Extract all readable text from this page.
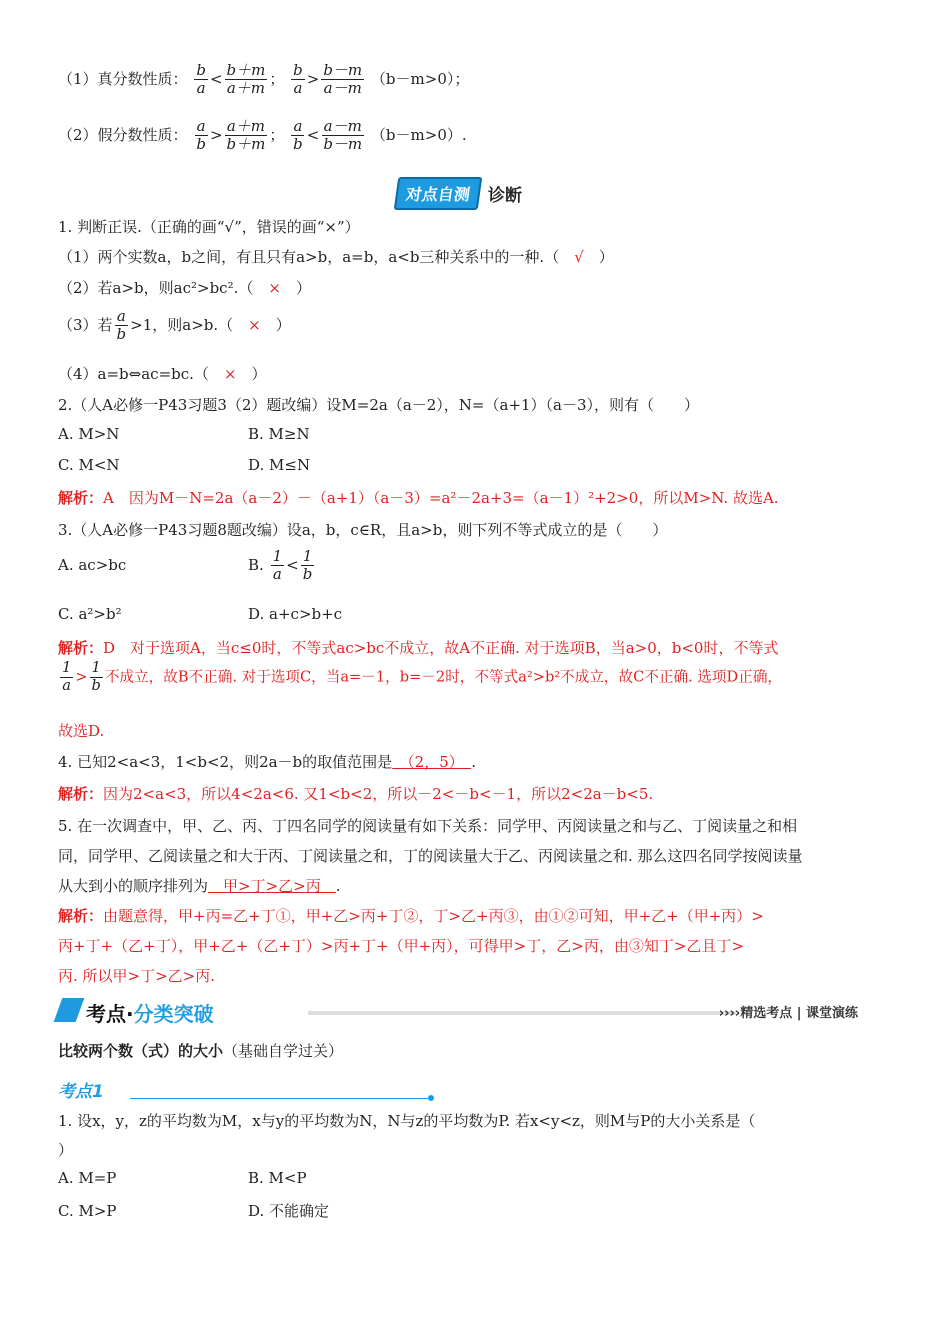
（1）真分数性质： $\frac{b}{a} < \frac{b+m}{a+m}$ ； $\frac{b}{a} > \frac{b-m}{a-m} (b-m>0)$；
（2）假分数性质： $\frac{a}{b} > \frac{a+m}{b+m}$ ； $\frac{a}{b} < \frac{a-m}{b-m} (b-m>0)$.
对点自测 诊断
1. 判断正误.（正确的画“√”，错误的画“×”）
（1）两个实数a，b之间，有且只有a>b，a=b，a<b三种关系中的一种.（　 √　 ）
（2）若a>b，则ac²>bc².（　 ×　 ）
（3）若 $\frac{a}{b} >1$，则a>b.（　 ×　 ）
（4）a=b⇔ac=bc.（　 ×　 ）
2.（人A必修一P43习题3（2）题改编）设M=2a（a－2），N=（a+1）（a－3），则有（　　）
A. M>N	B. M≥N
C. M<N	D. M≤N
解析：A　因为M－N=2a（a－2）－（a+1）（a－3）=a²－2a+3=（a－1）²+2>0，所以M>N. 故选A.
3.（人A必修一P43习题8题改编）设a，b，c∈R，且a>b，则下列不等式成立的是（　　）
A. ac>bc	B. $\frac{1}{a} < \frac{1}{b}$
C. a²>b²	D. a+c>b+c
解析：D　对于选项A，当c≤0时，不等式ac>bc不成立，故A不正确. 对于选项B，当a>0，b<0时，不等式
$\frac{1}{a} > \frac{1}{b}$ 不成立，故B不正确. 对于选项C，当a=－1，b=－2时，不等式a²>b²不成立，故C不正确. 选项D正确，
故选D.
4. 已知2<a<3，1<b<2，则2a－b的取值范围是　（2，5）　.
解析：因为2<a<3，所以4<2a<6. 又1<b<2，所以－2<－b<－1，所以2<2a－b<5.
5. 在一次调查中，甲、乙、丙、丁四名同学的阅读量有如下关系：同学甲、丙阅读量之和与乙、丁阅读量之和相
同，同学甲、乙阅读量之和大于丙、丁阅读量之和，丁的阅读量大于乙、丙阅读量之和. 那么这四名同学按阅读量
从大到小的顺序排列为　甲>丁>乙>丙　.
解析：由题意得，甲+丙=乙+丁①，甲+乙>丙+丁②，丁>乙+丙③，由①②可知，甲+乙+（甲+丙）>
丙+丁+（乙+丁），甲+乙+（乙+丁）>丙+丁+（甲+丙），可得甲>丁，乙>丙，由③知丁>乙且丁>
丙. 所以甲>丁>乙>丙.
考点·分类突破	››››精选考点 | 课堂演练
比较两个数（式）的大小（基础自学过关）
考点1
1. 设x，y，z的平均数为M，x与y的平均数为N，N与z的平均数为P. 若x<y<z，则M与P的大小关系是（
）
A. M=P	B. M<P
C. M>P	D. 不能确定
